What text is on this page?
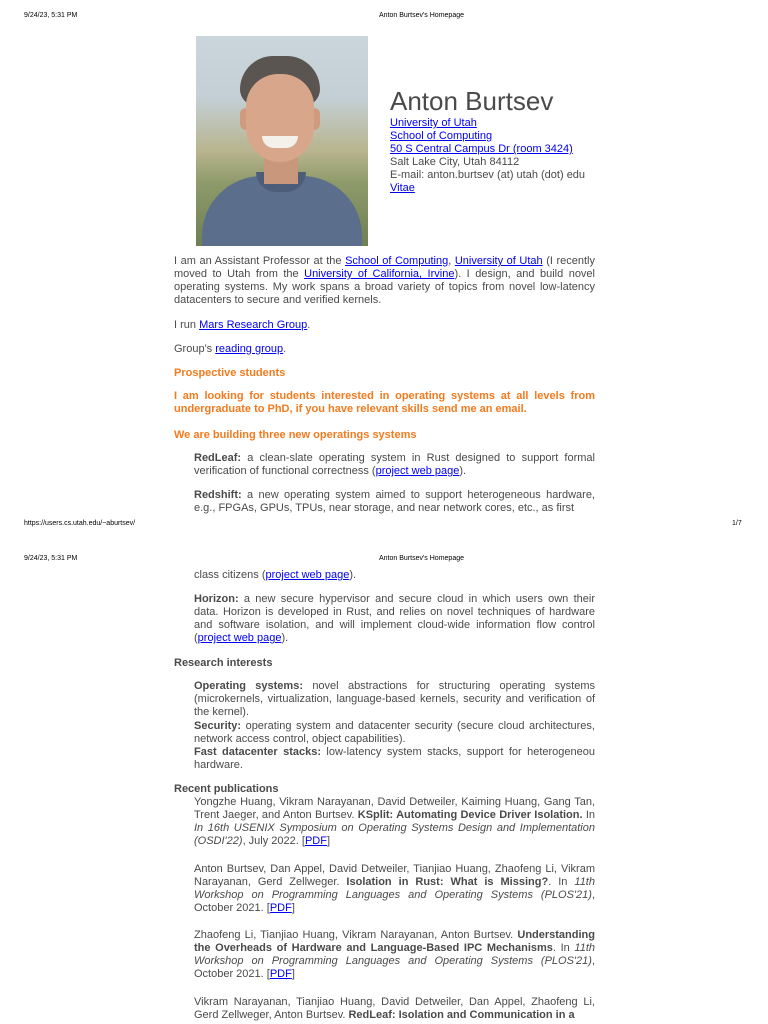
9/24/23, 5:31 PM	Anton Burtsev's Homepage
Anton Burtsev
University of Utah
School of Computing
50 S Central Campus Dr (room 3424)
Salt Lake City, Utah 84112
E-mail: anton.burtsev (at) utah (dot) edu
Vitae

I am an Assistant Professor at the School of Computing, University of Utah (I recently moved to Utah from the University of California, Irvine). I design, and build novel operating systems. My work spans a broad variety of topics from novel low-latency datacenters to secure and verified kernels.

I run Mars Research Group.

Group's reading group.

Prospective students

I am looking for students interested in operating systems at all levels from undergraduate to PhD, if you have relevant skills send me an email.

We are building three new operatings systems

RedLeaf: a clean-slate operating system in Rust designed to support formal verification of functional correctness (project web page).

Redshift: a new operating system aimed to support heterogeneous hardware, e.g., FPGAs, GPUs, TPUs, near storage, and near network cores, etc., as first

https://users.cs.utah.edu/~aburtsev/	1/7
9/24/23, 5:31 PM	Anton Burtsev's Homepage

class citizens (project web page).

Horizon: a new secure hypervisor and secure cloud in which users own their data. Horizon is developed in Rust, and relies on novel techniques of hardware and software isolation, and will implement cloud-wide information flow control (project web page).

Research interests

Operating systems: novel abstractions for structuring operating systems (microkernels, virtualization, language-based kernels, security and verification of the kernel).

Security: operating system and datacenter security (secure cloud architectures, network access control, object capabilities).

Fast datacenter stacks: low-latency system stacks, support for heterogeneou hardware.

Recent publications

Yongzhe Huang, Vikram Narayanan, David Detweiler, Kaiming Huang, Gang Tan, Trent Jaeger, and Anton Burtsev. KSplit: Automating Device Driver Isolation. In In 16th USENIX Symposium on Operating Systems Design and Implementation (OSDI'22), July 2022. [PDF]

Anton Burtsev, Dan Appel, David Detweiler, Tianjiao Huang, Zhaofeng Li, Vikram Narayanan, Gerd Zellweger. Isolation in Rust: What is Missing?. In 11th Workshop on Programming Languages and Operating Systems (PLOS'21), October 2021. [PDF]

Zhaofeng Li, Tianjiao Huang, Vikram Narayanan, Anton Burtsev. Understanding the Overheads of Hardware and Language-Based IPC Mechanisms. In 11th Workshop on Programming Languages and Operating Systems (PLOS'21), October 2021. [PDF]

Vikram Narayanan, Tianjiao Huang, David Detweiler, Dan Appel, Zhaofeng Li, Gerd Zellweger, Anton Burtsev. RedLeaf: Isolation and Communication in a
